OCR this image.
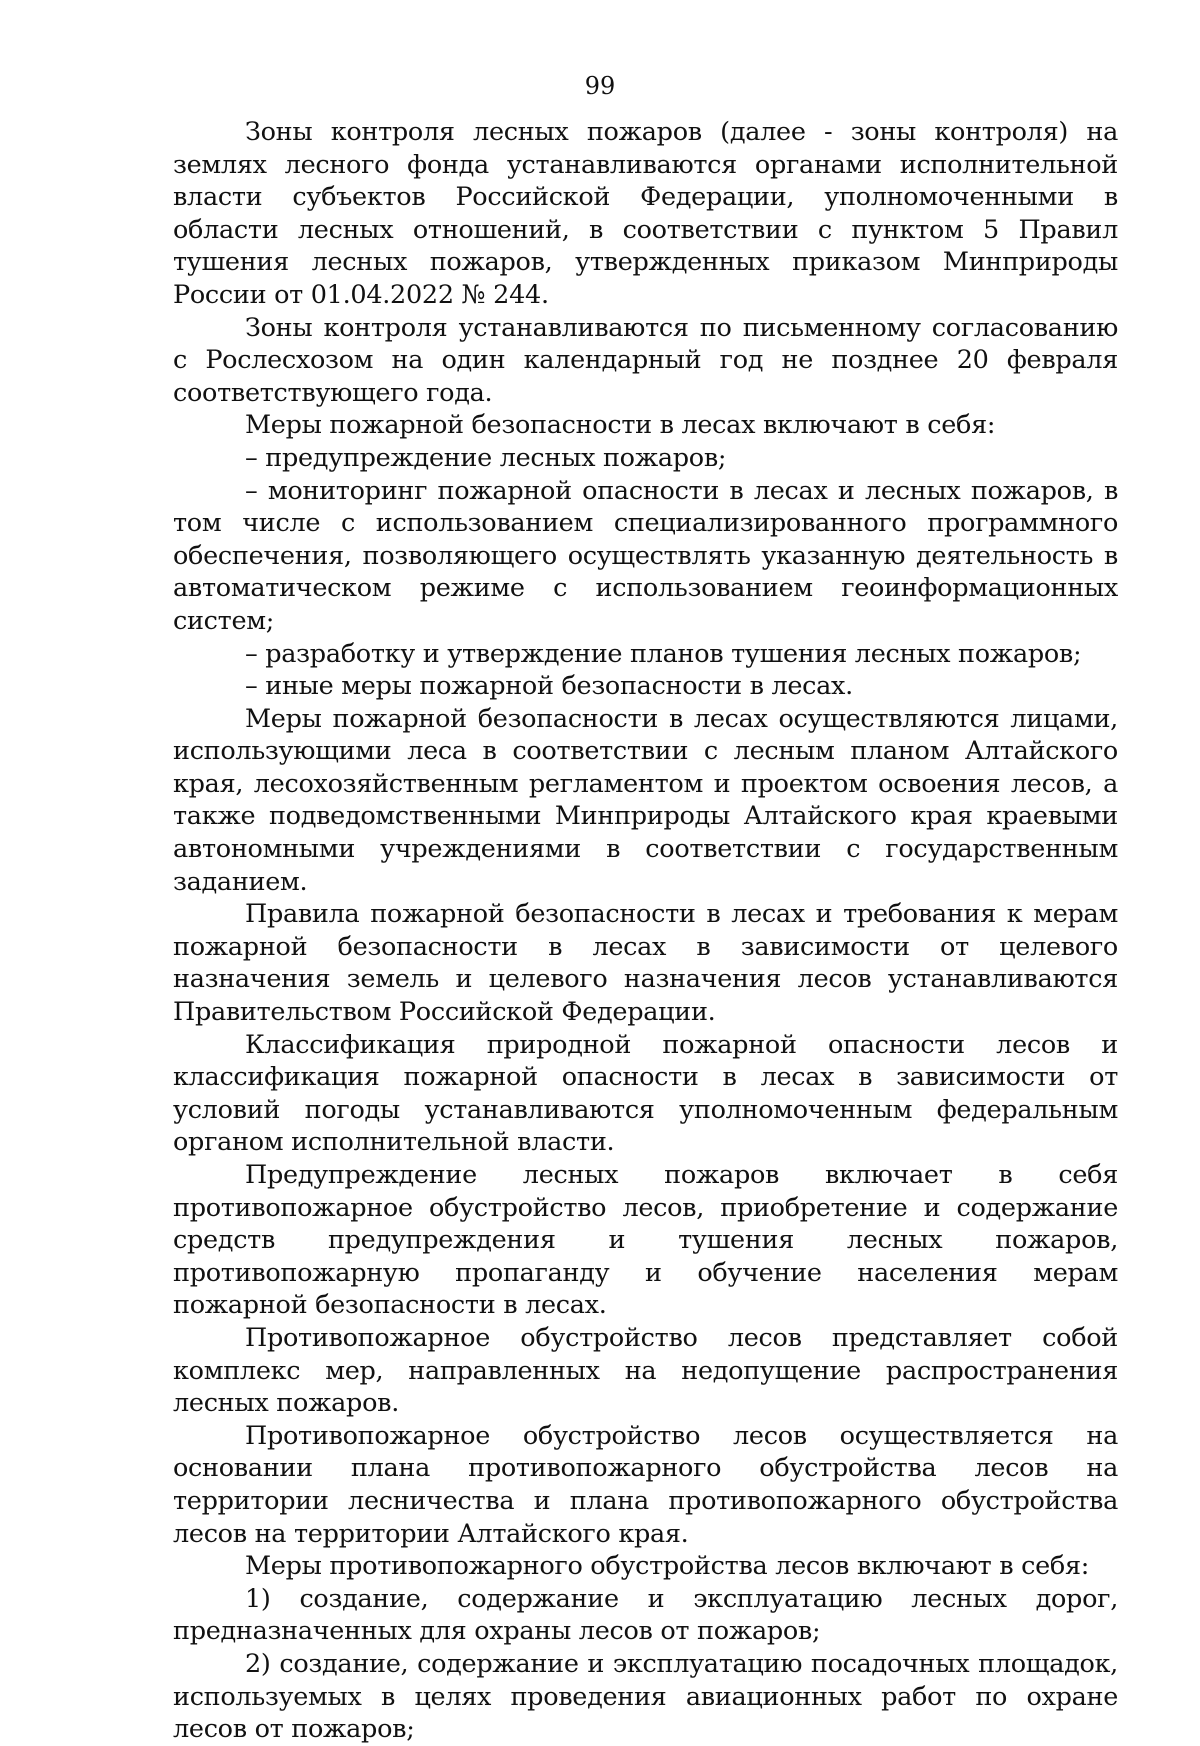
99

Зоны контроля лесных пожаров (далее - зоны контроля) на землях лесного фонда устанавливаются органами исполнительной власти субъектов Российской Федерации, уполномоченными в области лесных отношений, в соответствии с пунктом 5 Правил тушения лесных пожаров, утвержденных приказом Минприроды России от 01.04.2022 № 244.

Зоны контроля устанавливаются по письменному согласованию с Рослесхозом на один календарный год не позднее 20 февраля соответствующего года.

Меры пожарной безопасности в лесах включают в себя:

– предупреждение лесных пожаров;

– мониторинг пожарной опасности в лесах и лесных пожаров, в том числе с использованием специализированного программного обеспечения, позволяющего осуществлять указанную деятельность в автоматическом режиме с использованием геоинформационных систем;

– разработку и утверждение планов тушения лесных пожаров;

– иные меры пожарной безопасности в лесах.

Меры пожарной безопасности в лесах осуществляются лицами, использующими леса в соответствии с лесным планом Алтайского края, лесохозяйственным регламентом и проектом освоения лесов, а также подведомственными Минприроды Алтайского края краевыми автономными учреждениями в соответствии с государственным заданием.

Правила пожарной безопасности в лесах и требования к мерам пожарной безопасности в лесах в зависимости от целевого назначения земель и целевого назначения лесов устанавливаются Правительством Российской Федерации.

Классификация природной пожарной опасности лесов и классификация пожарной опасности в лесах в зависимости от условий погоды устанавливаются уполномоченным федеральным органом исполнительной власти.

Предупреждение лесных пожаров включает в себя противопожарное обустройство лесов, приобретение и содержание средств предупреждения и тушения лесных пожаров, противопожарную пропаганду и обучение населения мерам пожарной безопасности в лесах.

Противопожарное обустройство лесов представляет собой комплекс мер, направленных на недопущение распространения лесных пожаров.

Противопожарное обустройство лесов осуществляется на основании плана противопожарного обустройства лесов на территории лесничества и плана противопожарного обустройства лесов на территории Алтайского края.

Меры противопожарного обустройства лесов включают в себя:

1) создание, содержание и эксплуатацию лесных дорог, предназначенных для охраны лесов от пожаров;

2) создание, содержание и эксплуатацию посадочных площадок, используемых в целях проведения авиационных работ по охране лесов от пожаров;
